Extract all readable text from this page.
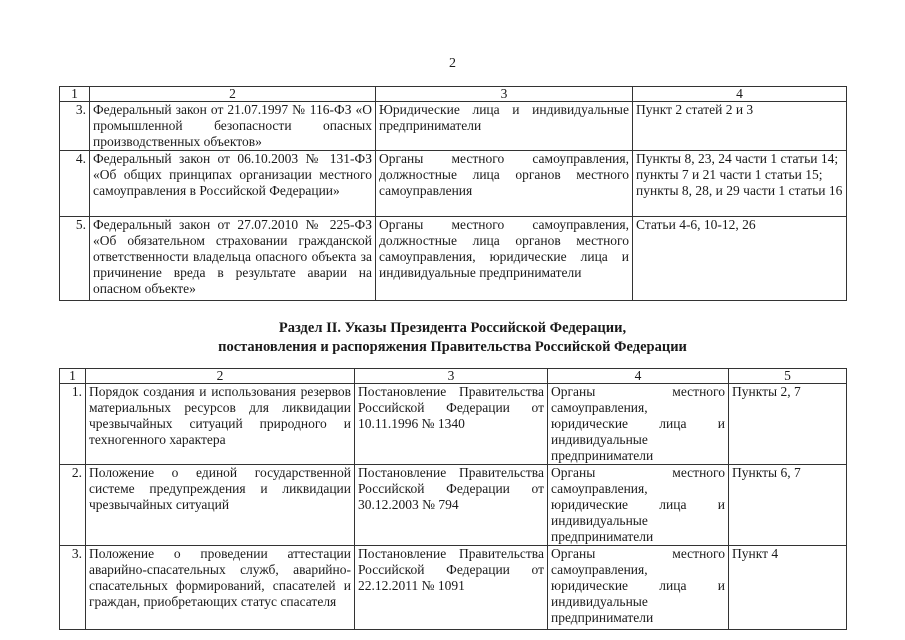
2
1	2	3	4
3.	Федеральный закон от 21.07.1997 № 116-ФЗ «О промышленной безопасности опасных производственных объектов»	Юридические лица и индивидуальные предприниматели	Пункт 2 статей 2 и 3
4.	Федеральный закон от 06.10.2003 № 131-ФЗ «Об общих принципах организации местного самоуправления в Российской Федерации»	Органы местного самоуправления, должностные лица органов местного самоуправления	Пункты 8, 23, 24 части 1 статьи 14; пункты 7 и 21 части 1 статьи 15; пункты 8, 28, и 29 части 1 статьи 16
5.	Федеральный закон от 27.07.2010 № 225-ФЗ «Об обязательном страховании гражданской ответственности владельца опасного объекта за причинение вреда в результате аварии на опасном объекте»	Органы местного самоуправления, должностные лица органов местного самоуправления, юридические лица и индивидуальные предприниматели	Статьи 4-6, 10-12, 26
Раздел II. Указы Президента Российской Федерации,
постановления и распоряжения Правительства Российской Федерации
1	2	3	4	5
1.	Порядок создания и использования резервов материальных ресурсов для ликвидации чрезвычайных ситуаций природного и техногенного характера	Постановление Правительства Российской Федерации от 10.11.1996 № 1340	Органы местного самоуправления, юридические лица и индивидуальные предприниматели	Пункты 2, 7
2.	Положение о единой государственной системе предупреждения и ликвидации чрезвычайных ситуаций	Постановление Правительства Российской Федерации от 30.12.2003 № 794	Органы местного самоуправления, юридические лица и индивидуальные предприниматели	Пункты 6, 7
3.	Положение о проведении аттестации аварийно-спасательных служб, аварийно-спасательных формирований, спасателей и граждан, приобретающих статус спасателя	Постановление Правительства Российской Федерации от 22.12.2011 № 1091	Органы местного самоуправления, юридические лица и индивидуальные предприниматели	Пункт 4
